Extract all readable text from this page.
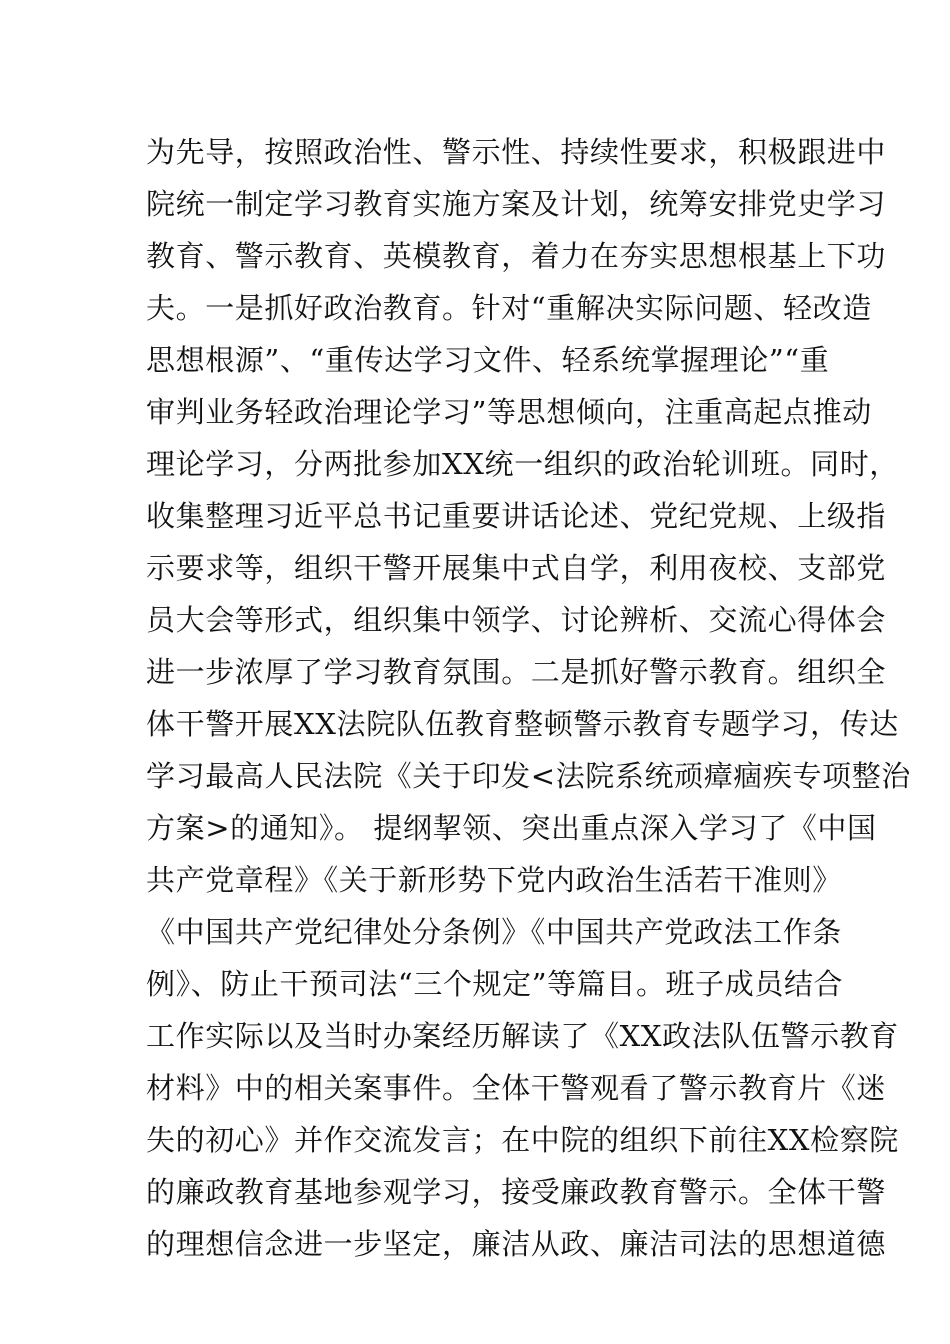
为先导，按照政治性、警示性、持续性要求，积极跟进中
院统一制定学习教育实施方案及计划，统筹安排党史学习
教育、警示教育、英模教育，着力在夯实思想根基上下功
夫。一是抓好政治教育。针对“重解决实际问题、轻改造
思想根源”、“重传达学习文件、轻系统掌握理论”“重
审判业务轻政治理论学习”等思想倾向，注重高起点推动
理论学习，分两批参加XX统一组织的政治轮训班。同时，
收集整理习近平总书记重要讲话论述、党纪党规、上级指
示要求等，组织干警开展集中式自学，利用夜校、支部党
员大会等形式，组织集中领学、讨论辨析、交流心得体会
进一步浓厚了学习教育氛围。二是抓好警示教育。组织全
体干警开展XX法院队伍教育整顿警示教育专题学习，传达
学习最高人民法院《关于印发<法院系统顽瘴痼疾专项整治
方案>的通知》。 提纲挈领、突出重点深入学习了《中国
共产党章程》《关于新形势下党内政治生活若干准则》
《中国共产党纪律处分条例》《中国共产党政法工作条
例》、防止干预司法“三个规定”等篇目。班子成员结合
工作实际以及当时办案经历解读了《XX政法队伍警示教育
材料》中的相关案事件。全体干警观看了警示教育片《迷
失的初心》并作交流发言；在中院的组织下前往XX检察院
的廉政教育基地参观学习，接受廉政教育警示。全体干警
的理想信念进一步坚定，廉洁从政、廉洁司法的思想道德
